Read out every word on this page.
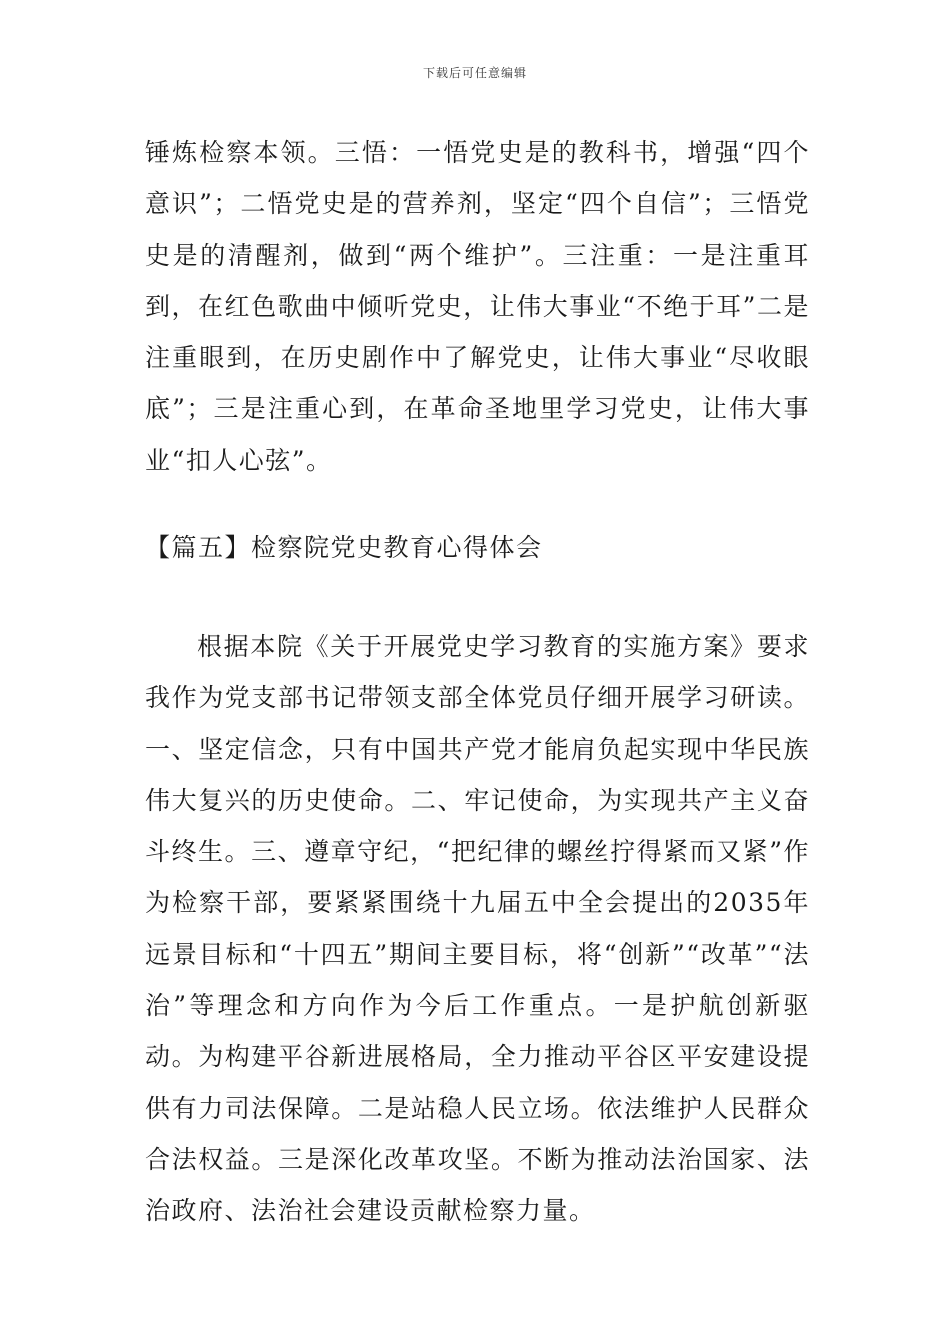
下载后可任意编辑

锤炼检察本领。三悟：一悟党史是的教科书，增强“四个意识”；二悟党史是的营养剂，坚定“四个自信”；三悟党史是的清醒剂，做到“两个维护”。三注重：一是注重耳到，在红色歌曲中倾听党史，让伟大事业“不绝于耳”二是注重眼到，在历史剧作中了解党史，让伟大事业“尽收眼底”；三是注重心到，在革命圣地里学习党史，让伟大事业“扣人心弦”。

【篇五】检察院党史教育心得体会

根据本院《关于开展党史学习教育的实施方案》要求我作为党支部书记带领支部全体党员仔细开展学习研读。一、坚定信念，只有中国共产党才能肩负起实现中华民族伟大复兴的历史使命。二、牢记使命，为实现共产主义奋斗终生。三、遵章守纪，“把纪律的螺丝拧得紧而又紧”作为检察干部，要紧紧围绕十九届五中全会提出的2035年远景目标和“十四五”期间主要目标，将“创新”“改革”“法治”等理念和方向作为今后工作重点。一是护航创新驱动。为构建平谷新进展格局，全力推动平谷区平安建设提供有力司法保障。二是站稳人民立场。依法维护人民群众合法权益。三是深化改革攻坚。不断为推动法治国家、法治政府、法治社会建设贡献检察力量。
